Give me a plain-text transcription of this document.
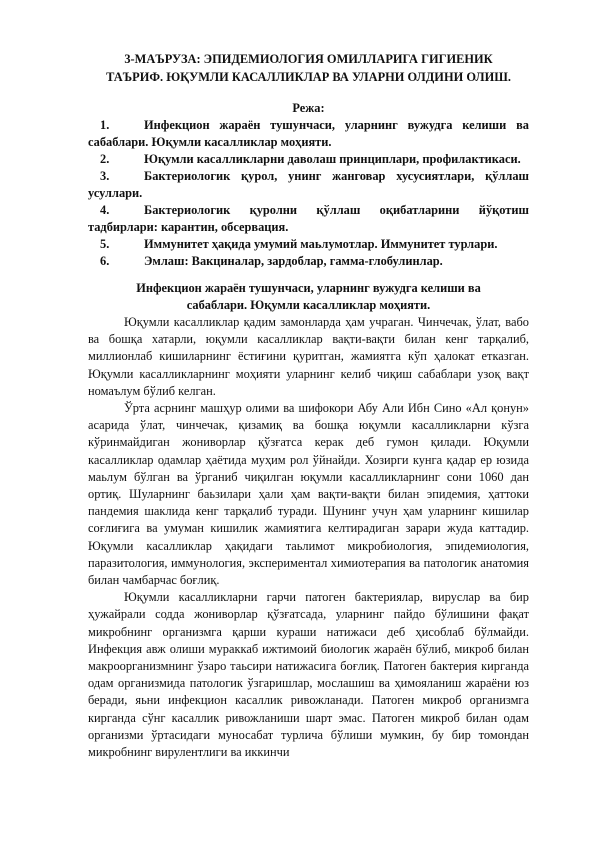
3-МАЪРУЗА: ЭПИДЕМИОЛОГИЯ ОМИЛЛАРИГА ГИГИЕНИК
ТАЪРИФ. ЮҚУМЛИ КАСАЛЛИКЛАР ВА УЛАРНИ ОЛДИНИ ОЛИШ.
Режа:
1.	Инфекцион жараён тушунчаси, уларнинг вужудга келиши ва сабаблари. Юқумли касалликлар моҳияти.
2.	Юқумли касалликларни даволаш принциплари, профилактикаси.
3.	Бактериологик қурол, унинг жанговар хусусиятлари, қўллаш усуллари.
4.	Бактериологик қуролни қўллаш оқибатларини йўқотиш тадбирлари: карантин, обсервация.
5.	Иммунитет ҳақида умумий маьлумотлар. Иммунитет турлари.
6.	Эмлаш: Вакциналар, зардоблар, гамма-глобулинлар.
Инфекцион жараён тушунчаси, уларнинг вужудга келиши ва
сабаблари. Юқумли касалликлар моҳияти.

Юқумли касалликлар қадим замонларда ҳам учраган. Чинчечак, ўлат, вабо ва бошқа хатарли, юқумли касалликлар вақти-вақти билан кенг тарқалиб, миллионлаб кишиларнинг ёстиғини қуритган, жамиятга кўп ҳалокат етказган. Юқумли касалликларнинг моҳияти уларнинг келиб чиқиш сабаблари узоқ вақт номаълум бўлиб келган.

Ўрта асрнинг машҳур олими ва шифокори Абу Али Ибн Сино «Ал қонун» асарида ўлат, чинчечак, қизамиқ ва бошқа юқумли касалликларни кўзга кўринмайдиган жониворлар қўзғатса керак деб гумон қилади. Юқумли касалликлар одамлар ҳаётида муҳим рол ўйнайди. Хозирги кунга қадар ер юзида маьлум бўлган ва ўрганиб чиқилган юқумли касалликларнинг сони 1060 дан ортиқ. Шуларнинг баьзилари ҳали ҳам вақти-вақти билан эпидемия, ҳаттоки пандемия шаклида кенг тарқалиб туради. Шунинг учун ҳам уларнинг кишилар соғлиғига ва умуман кишилик жамиятига келтирадиган зарари жуда каттадир. Юқумли касалликлар ҳақидаги таьлимот микробиология, эпидемиология, паразитология, иммунология, экспериментал химиотерапия ва патологик анатомия билан чамбарчас боғлиқ.

Юқумли касалликларни гарчи патоген бактериялар, вируслар ва бир ҳужайрали содда жониворлар қўзғатсада, уларнинг пайдо бўлишини фақат микробнинг организмга қарши кураши натижаси деб ҳисоблаб бўлмайди. Инфекция авж олиши мураккаб ижтимоий биологик жараён бўлиб, микроб билан макроорганизмнинг ўзаро таьсири натижасига боғлиқ. Патоген бактерия кирганда одам организмида патологик ўзгаришлар, мослашиш ва ҳимояланиш жараёни юз беради, яьни инфекцион касаллик ривожланади. Патоген микроб организмга кирганда сўнг касаллик ривожланиши шарт эмас. Патоген микроб билан одам организми ўртасидаги муносабат турлича бўлиши мумкин, бу бир томондан микробнинг вирулентлиги ва иккинчи
